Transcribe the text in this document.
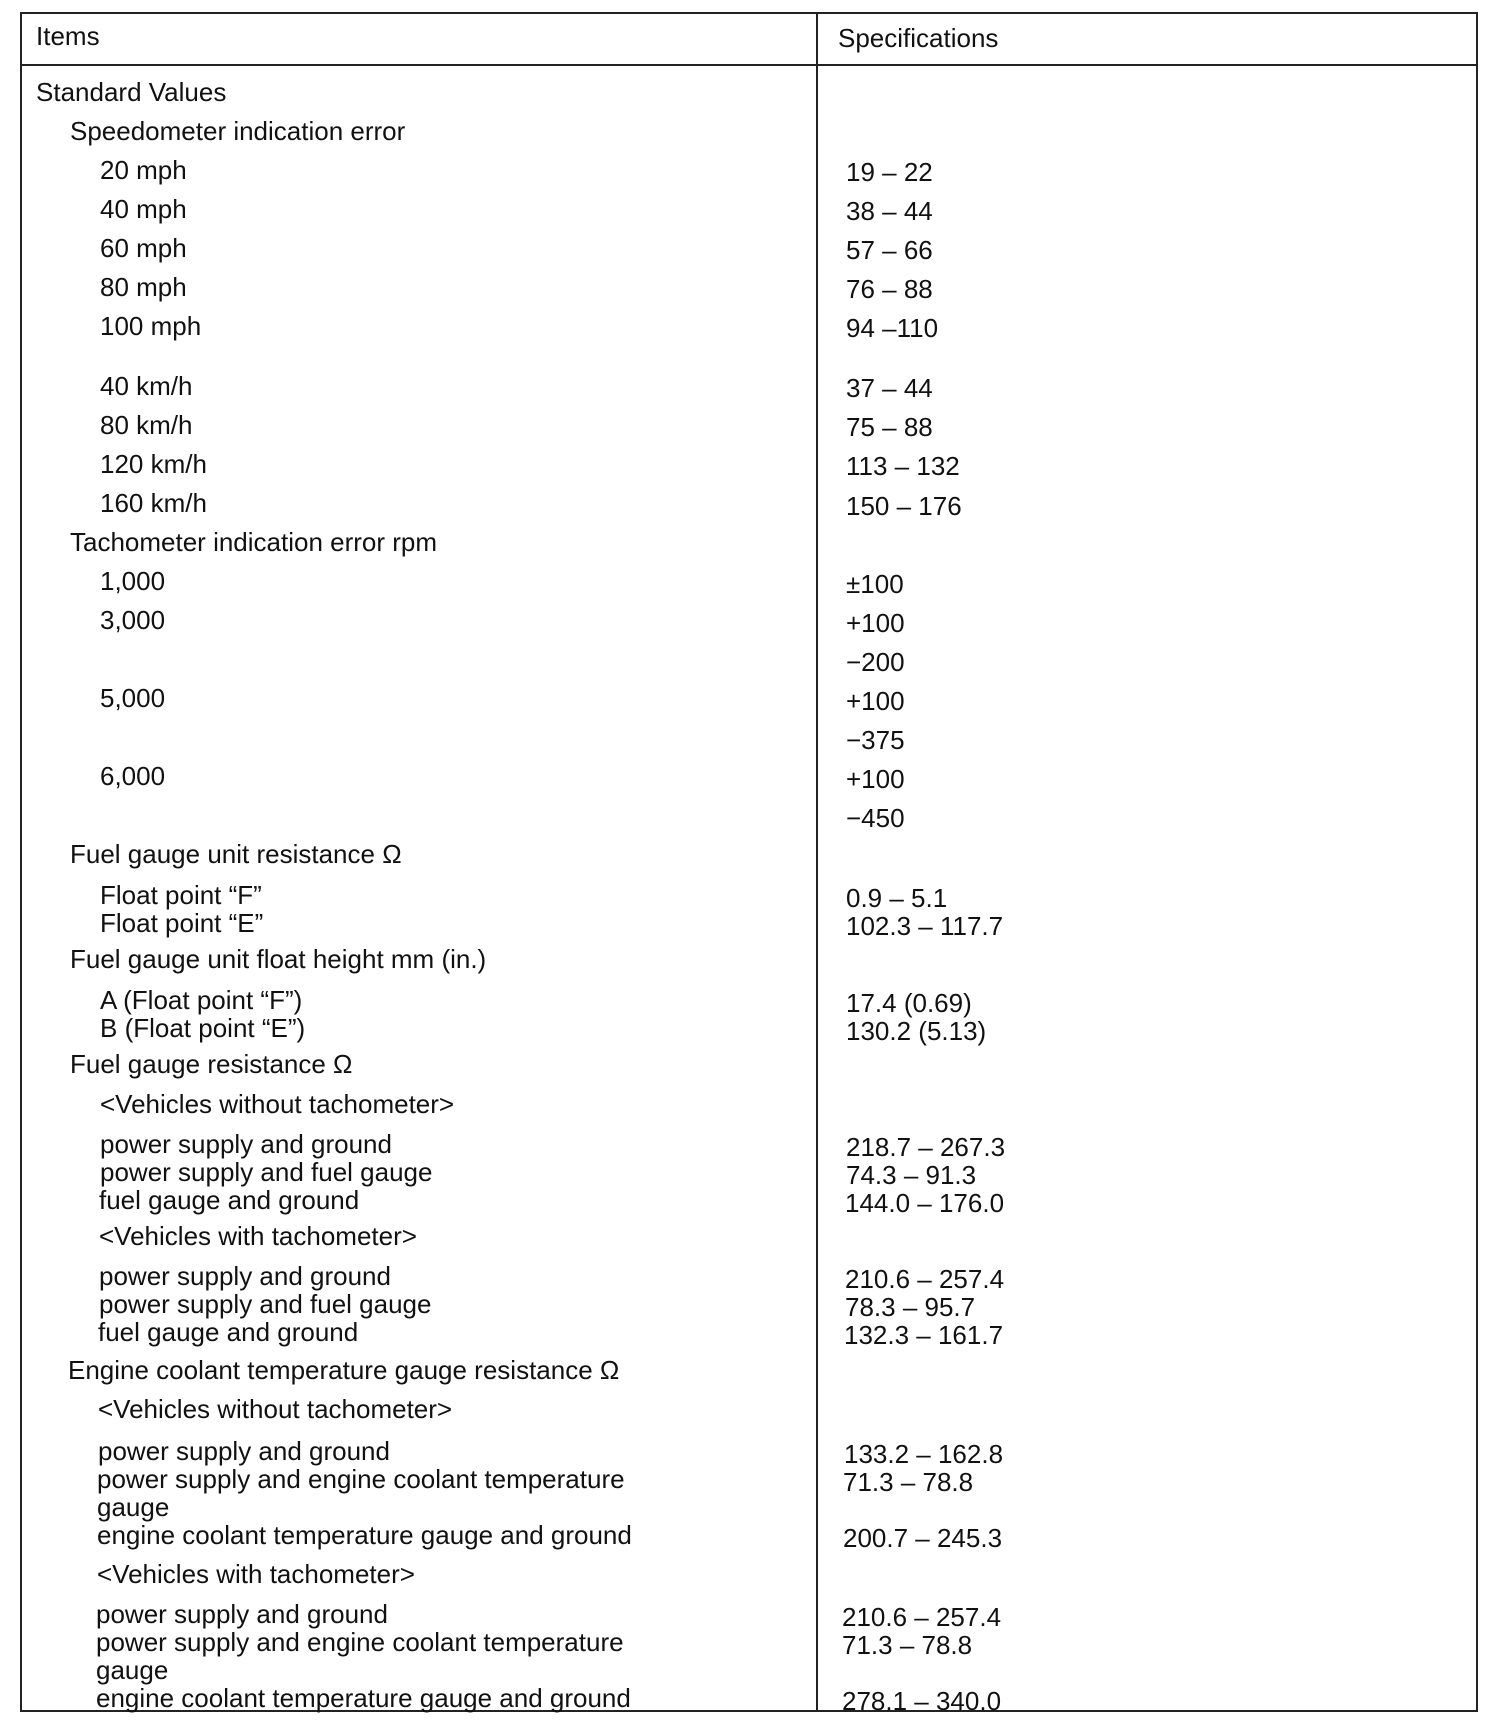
Items	Specifications
Standard Values
Speedometer indication error
20 mph	19 – 22
40 mph	38 – 44
60 mph	57 – 66
80 mph	76 – 88
100 mph	94 –110
40 km/h	37 – 44
80 km/h	75 – 88
120 km/h	113 – 132
160 km/h	150 – 176
Tachometer indication error rpm
1,000	±100
3,000	+100
−200
5,000	+100
−375
6,000	+100
−450
Fuel gauge unit resistance Ω
Float point “F”	0.9 – 5.1
Float point “E”	102.3 – 117.7
Fuel gauge unit float height mm (in.)
A (Float point “F”)	17.4 (0.69)
B (Float point “E”)	130.2 (5.13)
Fuel gauge resistance Ω
<Vehicles without tachometer>
power supply and ground	218.7 – 267.3
power supply and fuel gauge	74.3 – 91.3
fuel gauge and ground	144.0 – 176.0
<Vehicles with tachometer>
power supply and ground	210.6 – 257.4
power supply and fuel gauge	78.3 – 95.7
fuel gauge and ground	132.3 – 161.7
Engine coolant temperature gauge resistance Ω
<Vehicles without tachometer>
power supply and ground	133.2 – 162.8
power supply and engine coolant temperature	71.3 – 78.8
gauge
engine coolant temperature gauge and ground	200.7 – 245.3
<Vehicles with tachometer>
power supply and ground	210.6 – 257.4
power supply and engine coolant temperature	71.3 – 78.8
gauge
engine coolant temperature gauge and ground	278.1 – 340.0
